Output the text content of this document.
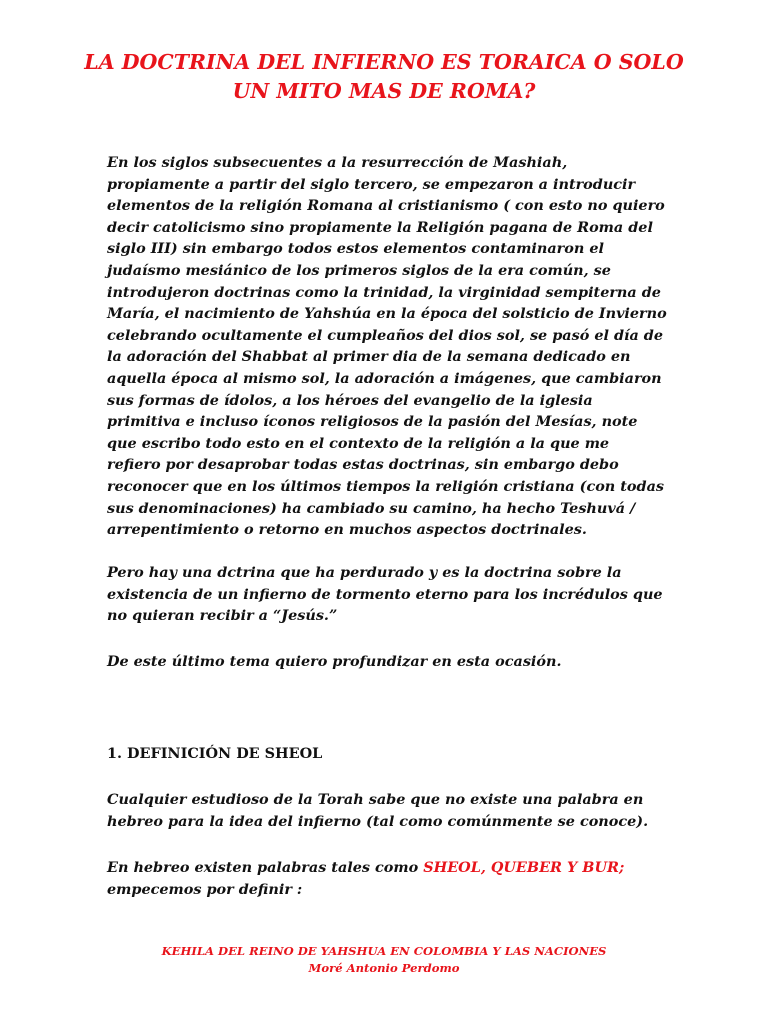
LA DOCTRINA DEL INFIERNO ES TORAICA O SOLO
UN MITO MAS DE ROMA?

En los siglos subsecuentes a la resurrección de Mashiah, propiamente a partir del siglo tercero, se empezaron a introducir elementos de la religión Romana al cristianismo ( con esto no quiero decir catolicismo sino propiamente la Religión pagana de Roma del siglo III) sin embargo todos estos elementos contaminaron el judaísmo mesiánico de los primeros siglos de la era común, se introdujeron doctrinas como la trinidad, la virginidad sempiterna de María, el nacimiento de Yahshúa en la época del solsticio de Invierno celebrando ocultamente el cumpleaños del dios sol, se pasó el día de la adoración del Shabbat al primer dia de la semana dedicado en aquella época al mismo sol, la adoración a imágenes, que cambiaron sus formas de ídolos, a los héroes del evangelio de la iglesia primitiva e incluso íconos religiosos de la pasión del Mesías, note que escribo todo esto en el contexto de la religión a la que me refiero por desaprobar todas estas doctrinas, sin embargo debo reconocer que en los últimos tiempos la religión cristiana (con todas sus denominaciones) ha cambiado su camino, ha hecho Teshuvá / arrepentimiento o retorno en muchos aspectos doctrinales.

Pero hay una dctrina que ha perdurado y es la doctrina sobre la existencia de un infierno de tormento eterno para los incrédulos que no quieran recibir a “Jesús.”

De este último tema quiero profundizar en esta ocasión.

1. DEFINICIÓN DE SHEOL

Cualquier estudioso de la Torah sabe que no existe una palabra en hebreo para la idea del infierno (tal como comúnmente se conoce).

En hebreo existen palabras tales como SHEOL, QUEBER Y BUR;
empecemos por definir :

KEHILA DEL REINO DE YAHSHUA EN COLOMBIA Y LAS NACIONES
Moré Antonio Perdomo
